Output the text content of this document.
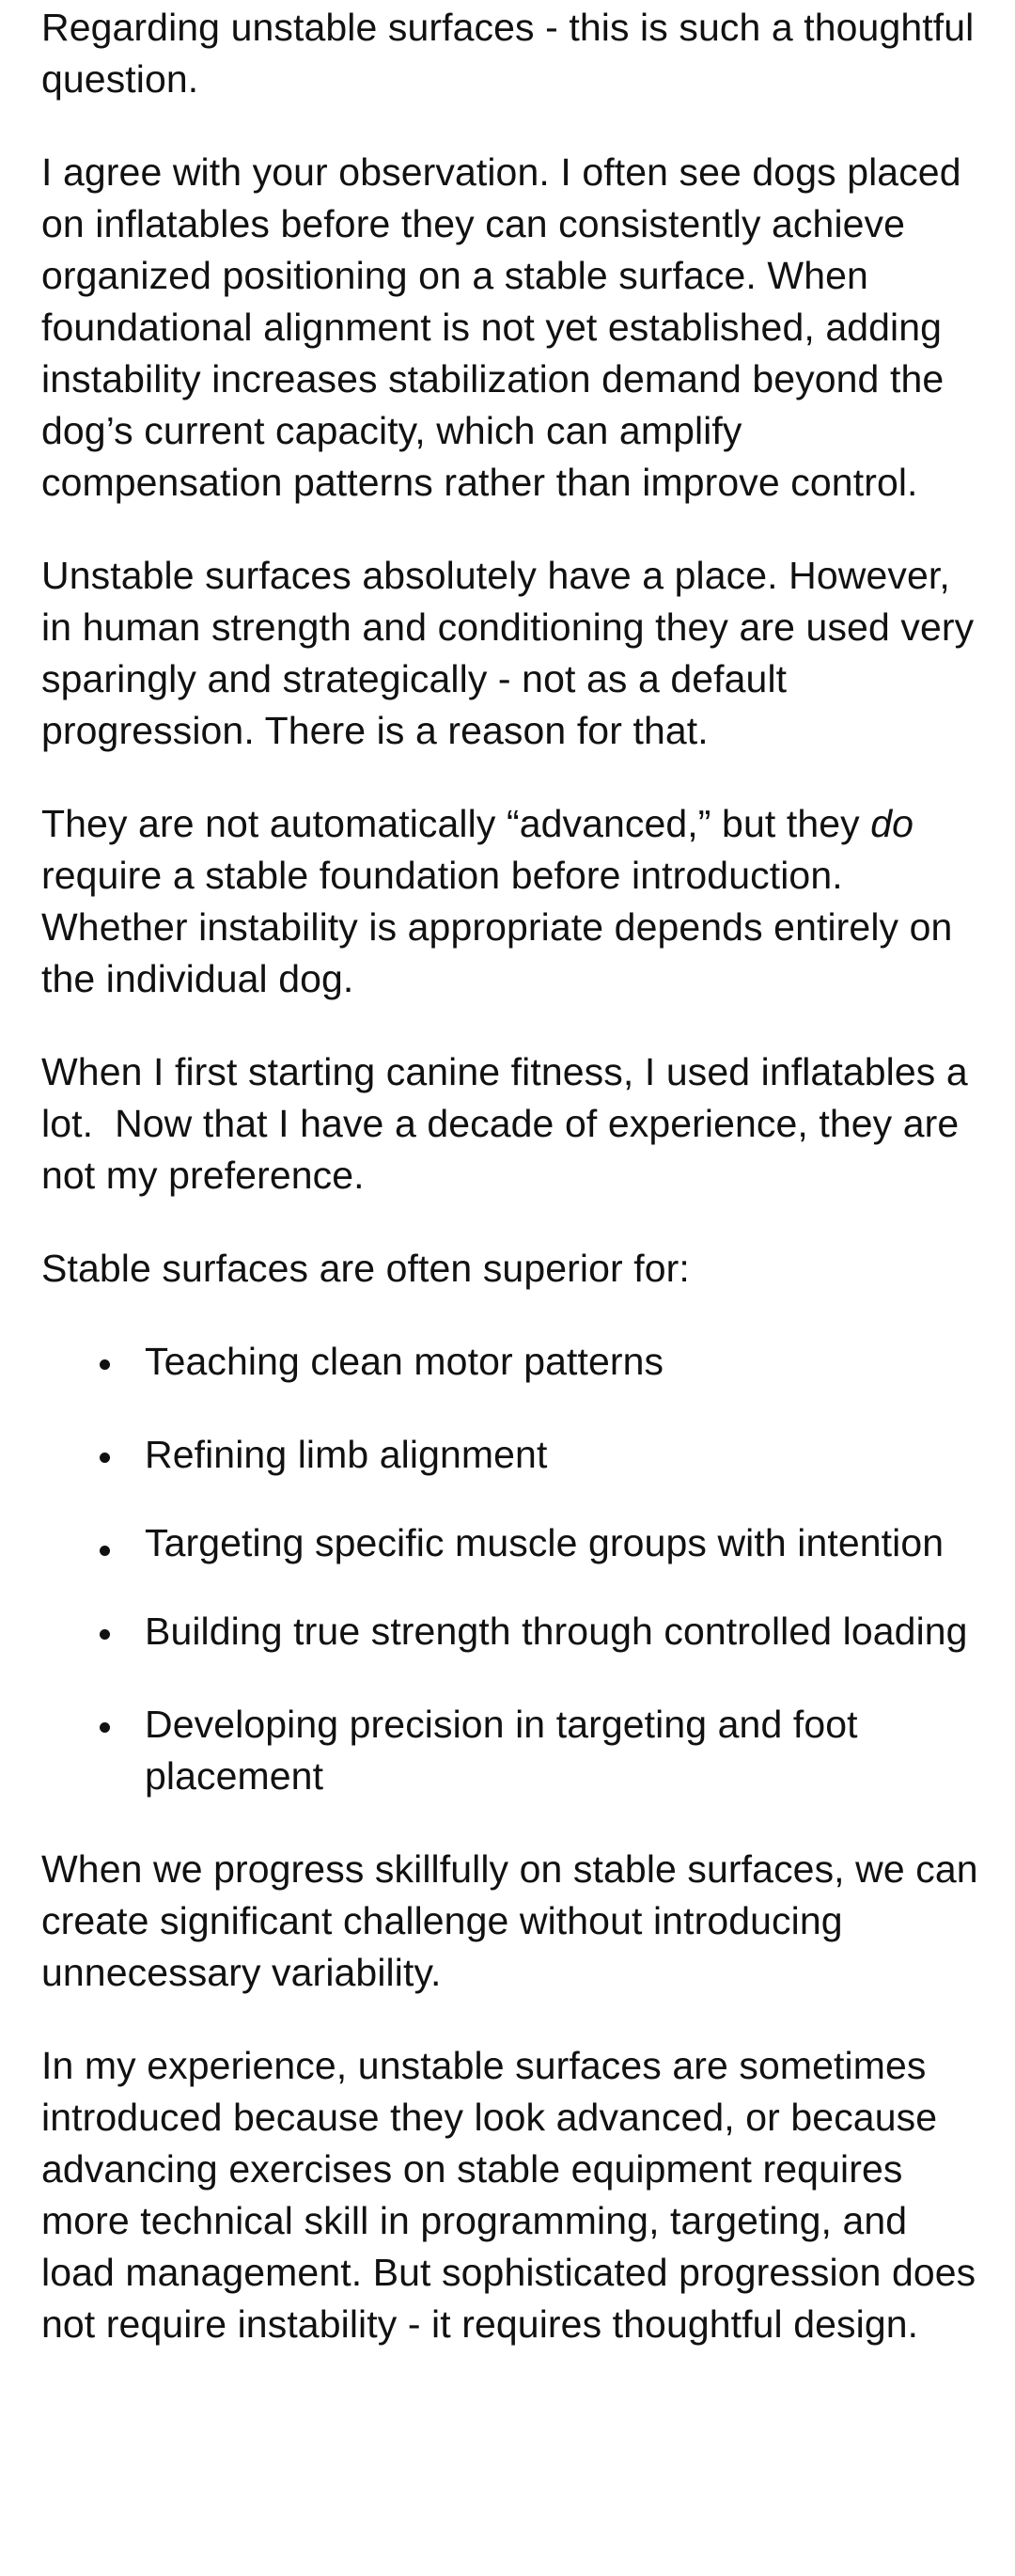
Regarding unstable surfaces - this is such a thoughtful question.

I agree with your observation. I often see dogs placed on inflatables before they can consistently achieve organized positioning on a stable surface. When foundational alignment is not yet established, adding instability increases stabilization demand beyond the dog’s current capacity, which can amplify compensation patterns rather than improve control.

Unstable surfaces absolutely have a place. However, in human strength and conditioning they are used very sparingly and strategically - not as a default progression. There is a reason for that.

They are not automatically “advanced,” but they do require a stable foundation before introduction. Whether instability is appropriate depends entirely on the individual dog.

When I first starting canine fitness, I used inflatables a lot.  Now that I have a decade of experience, they are not my preference.

Stable surfaces are often superior for:

Teaching clean motor patterns
Refining limb alignment
Targeting specific muscle groups with intention
Building true strength through controlled loading
Developing precision in targeting and foot placement

When we progress skillfully on stable surfaces, we can create significant challenge without introducing unnecessary variability.

In my experience, unstable surfaces are sometimes introduced because they look advanced, or because advancing exercises on stable equipment requires more technical skill in programming, targeting, and load management. But sophisticated progression does not require instability - it requires thoughtful design.
